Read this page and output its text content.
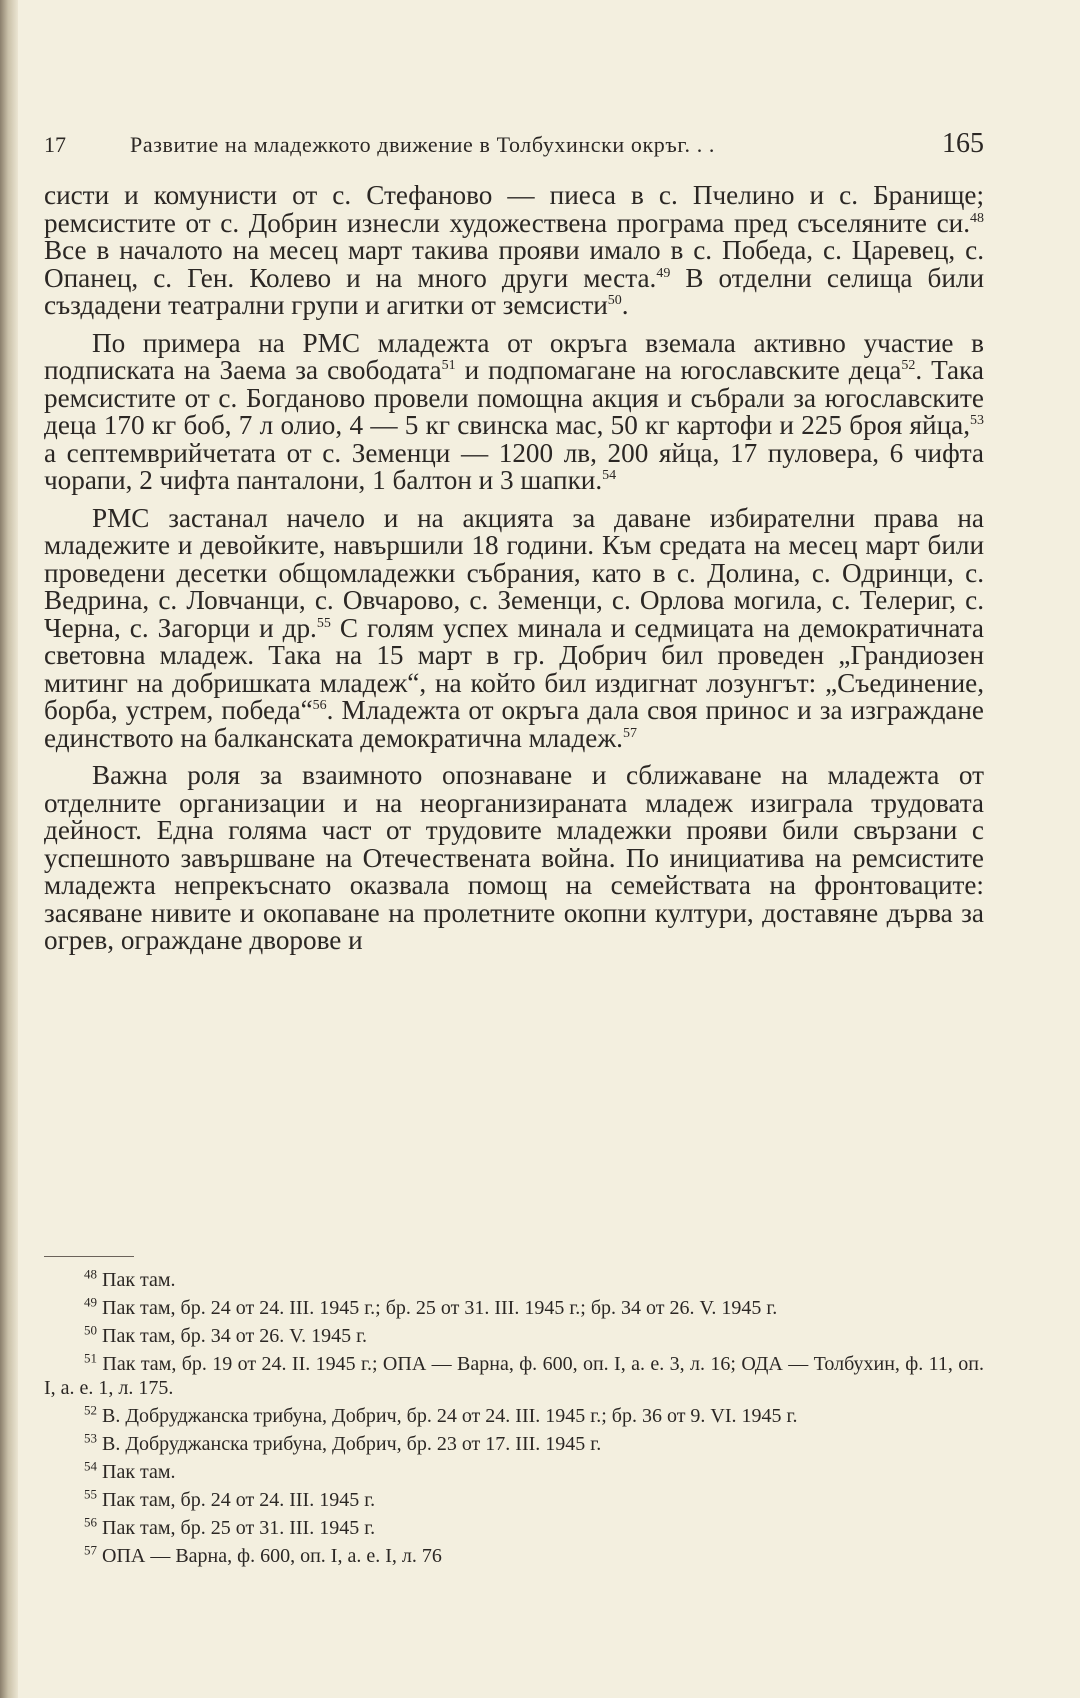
17	Развитие на младежкото движение в Толбухински окръг. . .	165

систи и комунисти от с. Стефаново — пиеса в с. Пчелино и с. Бранище; ремсистите от с. Добрин изнесли художествена програма пред съселяните си.$^{48}$ Все в началото на месец март такива прояви имало в с. Победа, с. Царевец, с. Опанец, с. Ген. Колево и на много други места.$^{49}$ В отделни селища били създадени театрални групи и агитки от земсисти$^{50}$.

По примера на РМС младежта от окръга вземала активно участие в подписката на Заема за свободата$^{51}$ и подпомагане на югославските деца$^{52}$. Така ремсистите от с. Богданово провели помощна акция и събрали за югославските деца 170 кг боб, 7 л олио, 4 — 5 кг свинска мас, 50 кг картофи и 225 броя яйца,$^{53}$ а септемврийчетата от с. Земенци — 1200 лв, 200 яйца, 17 пуловера, 6 чифта чорапи, 2 чифта панталони, 1 балтон и 3 шапки.$^{54}$

РМС застанал начело и на акцията за даване избирателни права на младежите и девойките, навършили 18 години. Към средата на месец март били проведени десетки общомладежки събрания, като в с. Долина, с. Одринци, с. Ведрина, с. Ловчанци, с. Овчарово, с. Земенци, с. Орлова могила, с. Телериг, с. Черна, с. Загорци и др.$^{55}$ С голям успех минала и седмицата на демократичната световна младеж. Така на 15 март в гр. Добрич бил проведен „Грандиозен митинг на добришката младеж“, на който бил издигнат лозунгът: „Съединение, борба, устрем, победа“$^{56}$. Младежта от окръга дала своя принос и за изграждане единството на балканската демократична младеж.$^{57}$

Важна роля за взаимното опознаване и сближаване на младежта от отделните организации и на неорганизираната младеж изиграла трудовата дейност. Една голяма част от трудовите младежки прояви били свързани с успешното завършване на Отечествената война. По инициатива на ремсистите младежта непрекъснато оказвала помощ на семействата на фронтоваците: засяване нивите и окопаване на пролетните окопни култури, доставяне дърва за огрев, ограждане дворове и

$^{48}$ Пак там.
$^{49}$ Пак там, бр. 24 от 24. III. 1945 г.; бр. 25 от 31. III. 1945 г.; бр. 34 от 26. V. 1945 г.
$^{50}$ Пак там, бр. 34 от 26. V. 1945 г.
$^{51}$ Пак там, бр. 19 от 24. II. 1945 г.; ОПА — Варна, ф. 600, оп. I, а. е. 3, л. 16; ОДА — Толбухин, ф. 11, оп. I, а. е. 1, л. 175.
$^{52}$ В. Добруджанска трибуна, Добрич, бр. 24 от 24. III. 1945 г.; бр. 36 от 9. VI. 1945 г.
$^{53}$ В. Добруджанска трибуна, Добрич, бр. 23 от 17. III. 1945 г.
$^{54}$ Пак там.
$^{55}$ Пак там, бр. 24 от 24. III. 1945 г.
$^{56}$ Пак там, бр. 25 от 31. III. 1945 г.
$^{57}$ ОПА — Варна, ф. 600, оп. I, а. е. I, л. 76
